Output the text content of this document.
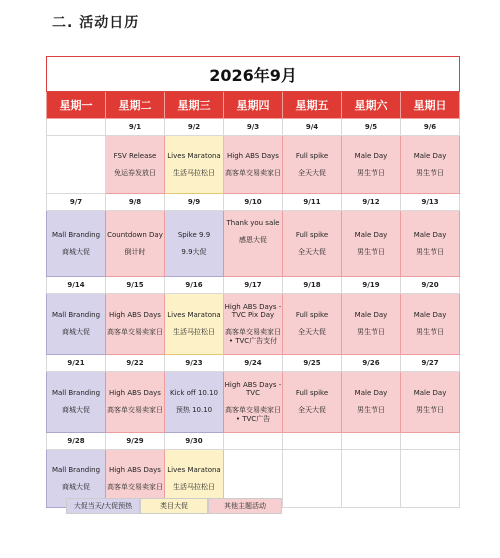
二. 活动日历
2026年9月						
星期一	星期二	星期三	星期四	星期五	星期六	星期日
	9/1	9/2	9/3	9/4	9/5	9/6

	FSV Release
免运券发放日	Lives Maratona
生活马拉松日	High ABS Days
高客单交易卖家日	Full spike
全天大促	Male Day
男生节日	Male Day
男生节日

9/7	9/8	9/9	9/10	9/11	9/12	9/13

Mall Branding
商城大促	Countdown Day
倒计时	Spike 9.9
9.9大促	Thank you sale
感恩大促	Full spike
全天大促	Male Day
男生节日	Male Day
男生节日

9/14	9/15	9/16	9/17	9/18	9/19	9/20

Mall Branding
商城大促	High ABS Days
高客单交易卖家日	Lives Maratona
生活马拉松日	High ABS Days - TVC Pix Day
高客单交易卖家日 • TVC广告支付	Full spike
全天大促	Male Day
男生节日	Male Day
男生节日

9/21	9/22	9/23	9/24	9/25	9/26	9/27

Mall Branding
商城大促	High ABS Days
高客单交易卖家日	Kick off 10.10
预热 10.10	High ABS Days - TVC
高客单交易卖家日 • TVC广告	Full spike
全天大促	Male Day
男生节日	Male Day
男生节日

9/28	9/29	9/30				

Mall Branding
商城大促	High ABS Days
高客单交易卖家日	Lives Maratona
生活马拉松日				

大促当天/大促预热	类目大促	其他主题活动
